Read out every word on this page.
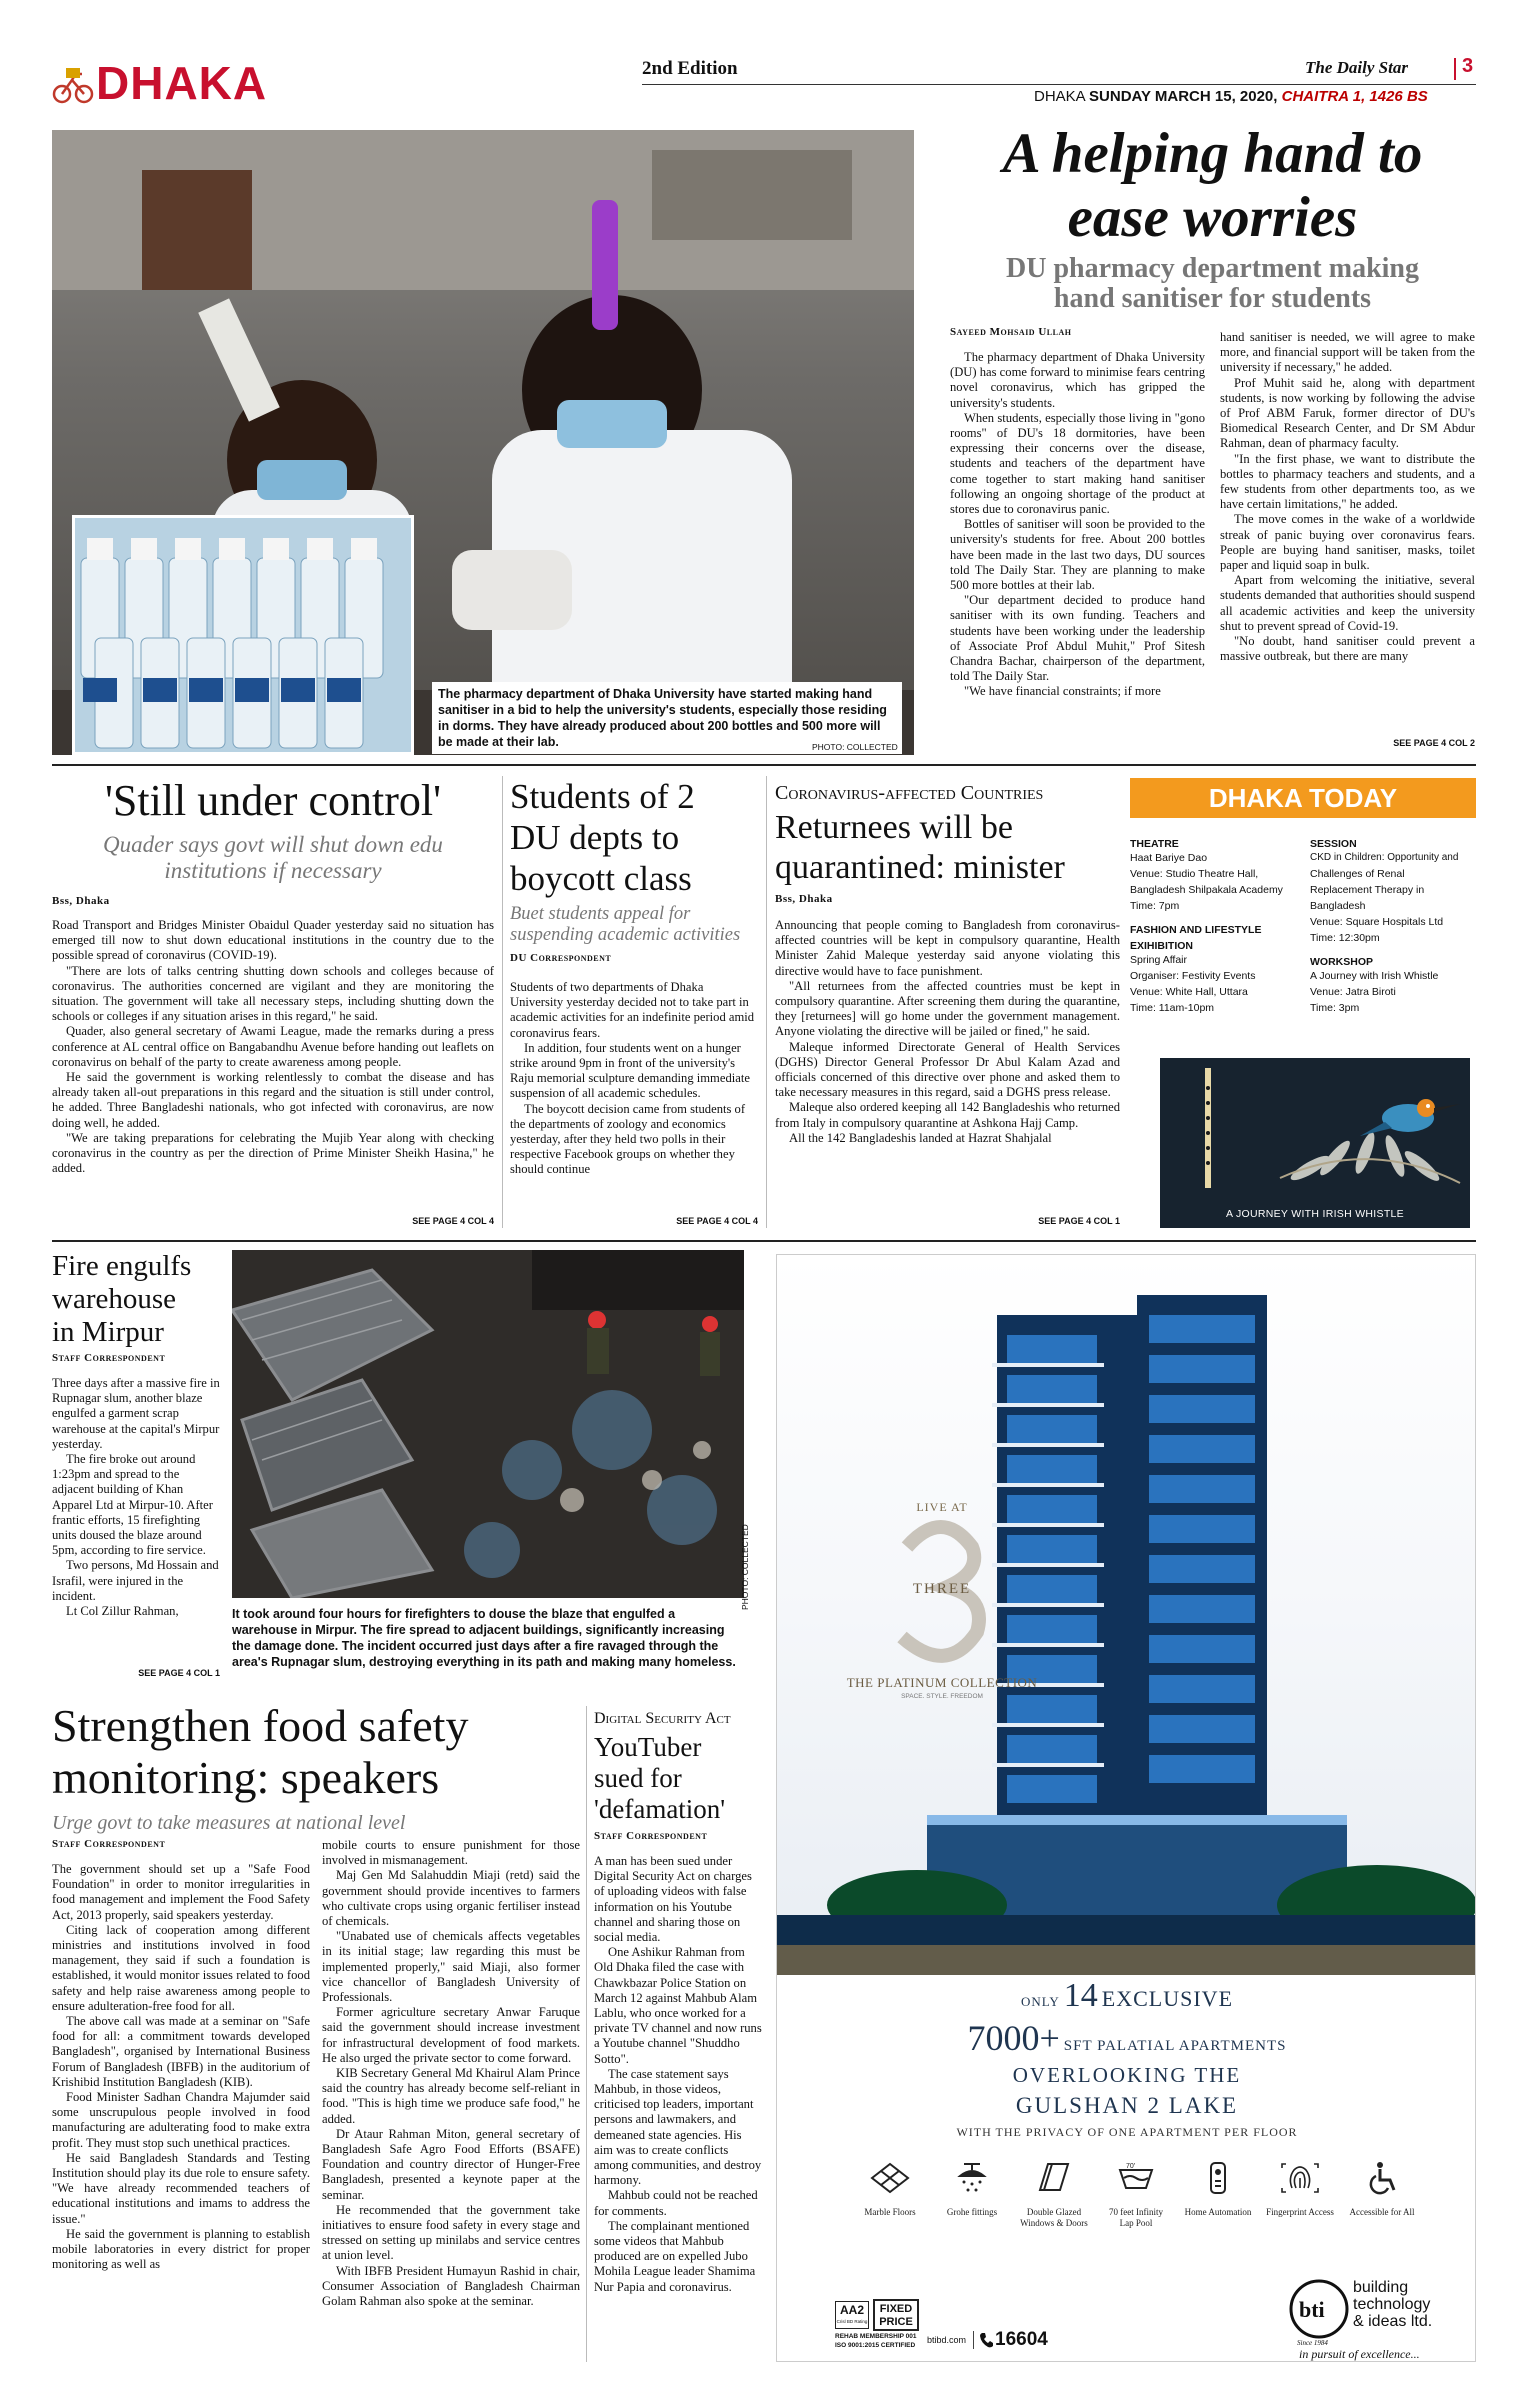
DHAKA	2nd Edition	The Daily Star	3
DHAKA SUNDAY MARCH 15, 2020, CHAITRA 1, 1426 BS
The pharmacy department of Dhaka University have started making hand sanitiser in a bid to help the university's students, especially those residing in dorms. They have already produced about 200 bottles and 500 more will be made at their lab.	PHOTO: COLLECTED
A helping hand to
ease worries
DU pharmacy department making
hand sanitiser for students
Sayeed Mohsaid Ullah

The pharmacy department of Dhaka University (DU) has come forward to minimise fears centring novel coronavirus, which has gripped the university's students.

When students, especially those living in "gono rooms" of DU's 18 dormitories, have been expressing their concerns over the disease, students and teachers of the department have come together to start making hand sanitiser following an ongoing shortage of the product at stores due to coronavirus panic.

Bottles of sanitiser will soon be provided to the university's students for free. About 200 bottles have been made in the last two days, DU sources told The Daily Star. They are planning to make 500 more bottles at their lab.

"Our department decided to produce hand sanitiser with its own funding. Teachers and students have been working under the leadership of Associate Prof Abdul Muhit," Prof Sitesh Chandra Bachar, chairperson of the department, told The Daily Star.

"We have financial constraints; if more

hand sanitiser is needed, we will agree to make more, and financial support will be taken from the university if necessary," he added.

Prof Muhit said he, along with department students, is now working by following the advise of Prof ABM Faruk, former director of DU's Biomedical Research Center, and Dr SM Abdur Rahman, dean of pharmacy faculty.

"In the first phase, we want to distribute the bottles to pharmacy teachers and students, and a few students from other departments too, as we have certain limitations," he added.

The move comes in the wake of a worldwide streak of panic buying over coronavirus fears. People are buying hand sanitiser, masks, toilet paper and liquid soap in bulk.

Apart from welcoming the initiative, several students demanded that authorities should suspend all academic activities and keep the university shut to prevent spread of Covid-19.

"No doubt, hand sanitiser could prevent a massive outbreak, but there are many

SEE PAGE 4 COL 2
'Still under control'
Quader says govt will shut down edu
institutions if necessary
Bss, Dhaka

Road Transport and Bridges Minister Obaidul Quader yesterday said no situation has emerged till now to shut down educational institutions in the country due to the possible spread of coronavirus (COVID-19).

"There are lots of talks centring shutting down schools and colleges because of coronavirus. The authorities concerned are vigilant and they are monitoring the situation. The government will take all necessary steps, including shutting down the schools or colleges if any situation arises in this regard," he said.

Quader, also general secretary of Awami League, made the remarks during a press conference at AL central office on Bangabandhu Avenue before handing out leaflets on coronavirus on behalf of the party to create awareness among people.

He said the government is working relentlessly to combat the disease and has already taken all-out preparations in this regard and the situation is still under control, he added. Three Bangladeshi nationals, who got infected with coronavirus, are now doing well, he added.

"We are taking preparations for celebrating the Mujib Year along with checking coronavirus in the country as per the direction of Prime Minister Sheikh Hasina," he added.

SEE PAGE 4 COL 4
Students of 2
DU depts to
boycott class
Buet students appeal for
suspending academic activities
DU Correspondent

Students of two departments of Dhaka University yesterday decided not to take part in academic activities for an indefinite period amid coronavirus fears.

In addition, four students went on a hunger strike around 9pm in front of the university's Raju memorial sculpture demanding immediate suspension of all academic schedules.

The boycott decision came from students of the departments of zoology and economics yesterday, after they held two polls in their respective Facebook groups on whether they should continue

SEE PAGE 4 COL 4
Coronavirus-affected Countries
Returnees will be
quarantined: minister
Bss, Dhaka

Announcing that people coming to Bangladesh from coronavirus-affected countries will be kept in compulsory quarantine, Health Minister Zahid Maleque yesterday said anyone violating this directive would have to face punishment.

"All returnees from the affected countries must be kept in compulsory quarantine. After screening them during the quarantine, they [returnees] will go home under the government management. Anyone violating the directive will be jailed or fined," he said.

Maleque informed Directorate General of Health Services (DGHS) Director General Professor Dr Abul Kalam Azad and officials concerned of this directive over phone and asked them to take necessary measures in this regard, said a DGHS press release.

Maleque also ordered keeping all 142 Bangladeshis who returned from Italy in compulsory quarantine at Ashkona Hajj Camp.

All the 142 Bangladeshis landed at Hazrat Shahjalal

SEE PAGE 4 COL 1
DHAKA TODAY
THEATRE
Haat Bariye Dao
Venue: Studio Theatre Hall,
Bangladesh Shilpakala Academy
Time: 7pm
FASHION AND LIFESTYLE
EXIHIBITION
Spring Affair
Organiser: Festivity Events
Venue: White Hall, Uttara
Time: 11am-10pm
SESSION
CKD in Children: Opportunity and
Challenges of Renal
Replacement Therapy in
Bangladesh
Venue: Square Hospitals Ltd
Time: 12:30pm
WORKSHOP
A Journey with Irish Whistle
Venue: Jatra Biroti
Time: 3pm
A JOURNEY WITH IRISH WHISTLE
Fire engulfs
warehouse
in Mirpur
Staff Correspondent

Three days after a massive fire in Rupnagar slum, another blaze engulfed a garment scrap warehouse at the capital's Mirpur yesterday.

The fire broke out around 1:23pm and spread to the adjacent building of Khan Apparel Ltd at Mirpur-10. After frantic efforts, 15 firefighting units doused the blaze around 5pm, according to fire service.

Two persons, Md Hossain and Israfil, were injured in the incident.

Lt Col Zillur Rahman,

SEE PAGE 4 COL 1
PHOTO: COLLECTED
It took around four hours for firefighters to douse the blaze that engulfed a warehouse in Mirpur. The fire spread to adjacent buildings, significantly increasing the damage done. The incident occurred just days after a fire ravaged through the area's Rupnagar slum, destroying everything in its path and making many homeless.
Strengthen food safety
monitoring: speakers
Urge govt to take measures at national level
Staff Correspondent

The government should set up a "Safe Food Foundation" in order to monitor irregularities in food management and implement the Food Safety Act, 2013 properly, said speakers yesterday.

Citing lack of cooperation among different ministries and institutions involved in food management, they said if such a foundation is established, it would monitor issues related to food safety and help raise awareness among people to ensure adulteration-free food for all.

The above call was made at a seminar on "Safe food for all: a commitment towards developed Bangladesh", organised by International Business Forum of Bangladesh (IBFB) in the auditorium of Krishibid Institution Bangladesh (KIB).

Food Minister Sadhan Chandra Majumder said some unscrupulous people involved in food manufacturing are adulterating food to make extra profit. They must stop such unethical practices.

He said Bangladesh Standards and Testing Institution should play its due role to ensure safety. "We have already recommended teachers of educational institutions and imams to address the issue."

He said the government is planning to establish mobile laboratories in every district for proper monitoring as well as

mobile courts to ensure punishment for those involved in mismanagement.

Maj Gen Md Salahuddin Miaji (retd) said the government should provide incentives to farmers who cultivate crops using organic fertiliser instead of chemicals.

"Unabated use of chemicals affects vegetables in its initial stage; law regarding this must be implemented properly," said Miaji, also former vice chancellor of Bangladesh University of Professionals.

Former agriculture secretary Anwar Faruque said the government should increase investment for infrastructural development of food markets. He also urged the private sector to come forward.

KIB Secretary General Md Khairul Alam Prince said the country has already become self-reliant in food. "This is high time we produce safe food," he added.

Dr Ataur Rahman Miton, general secretary of Bangladesh Safe Agro Food Efforts (BSAFE) Foundation and country director of Hunger-Free Bangladesh, presented a keynote paper at the seminar.

He recommended that the government take initiatives to ensure food safety in every stage and stressed on setting up minilabs and service centres at union level.

With IBFB President Humayun Rashid in chair, Consumer Association of Bangladesh Chairman Golam Rahman also spoke at the seminar.

Digital Security Act
YouTuber
sued for
'defamation'
Staff Correspondent

A man has been sued under Digital Security Act on charges of uploading videos with false information on his Youtube channel and sharing those on social media.

One Ashikur Rahman from Old Dhaka filed the case with Chawkbazar Police Station on March 12 against Mahbub Alam Lablu, who once worked for a private TV channel and now runs a Youtube channel "Shuddho Sotto".

The case statement says Mahbub, in those videos, criticised top leaders, important persons and lawmakers, and demeaned state agencies. His aim was to create conflicts among communities, and destroy harmony.

Mahbub could not be reached for comments.

The complainant mentioned some videos that Mahbub produced are on expelled Jubo Mohila League leader Shamima Nur Papia and coronavirus.

LIVE AT
THREE
THE PLATINUM COLLECTION
SPACE. STYLE. FREEDOM
ONLY 14 EXCLUSIVE
7000+ SFT PALATIAL APARTMENTS
OVERLOOKING THE
GULSHAN 2 LAKE
WITH THE PRIVACY OF ONE APARTMENT PER FLOOR
Marble Floors	Grohe fittings	Double Glazed Windows & Doors
70'
70 feet Infinity Lap Pool
Home Automation Fingerprint Access Accessible for All
AA2
Crisl BD Rating
FIXED
PRICE
REHAB MEMBERSHIP 001
ISO 9001:2015 CERTIFIED
btibd.com 16604
bti
building
technology
& ideas ltd.
Since 1984
in pursuit of excellence...
